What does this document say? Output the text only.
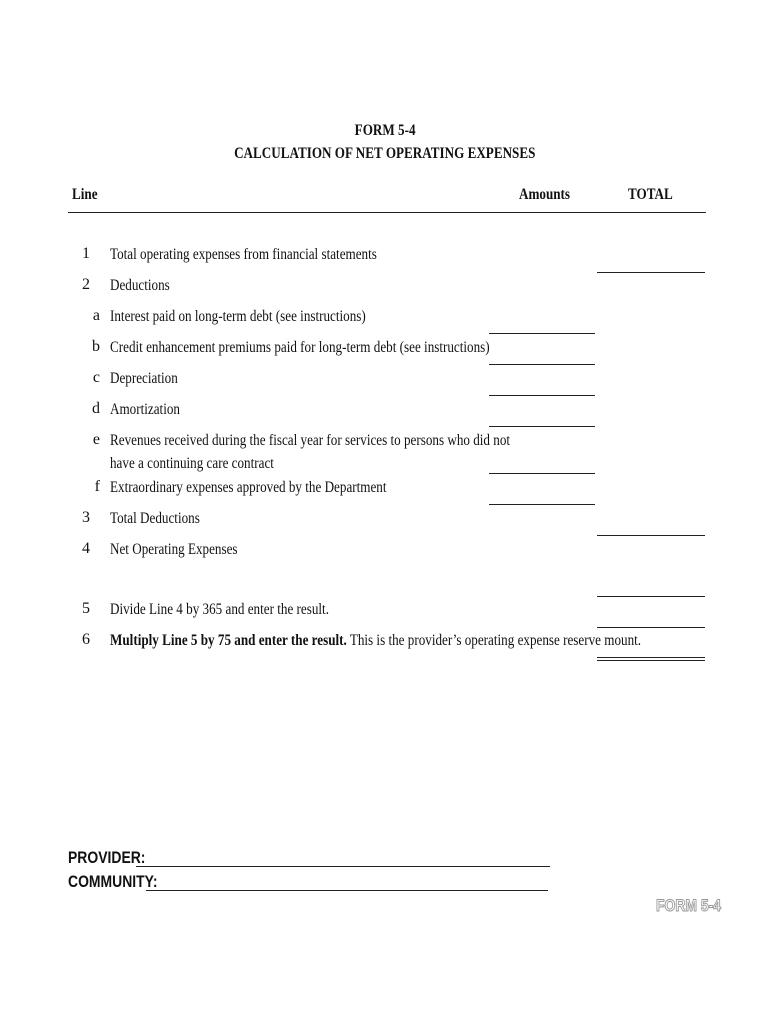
FORM 5-4
CALCULATION OF NET OPERATING EXPENSES
Line	Amounts	TOTAL
1 Total operating expenses from financial statements
2 Deductions
a Interest paid on long-term debt (see instructions)
b Credit enhancement premiums paid for long-term debt (see instructions)
c Depreciation
d Amortization
e Revenues received during the fiscal year for services to persons who did not
have a continuing care contract
f Extraordinary expenses approved by the Department
3 Total Deductions
4 Net Operating Expenses
5 Divide Line 4 by 365 and enter the result.
6 Multiply Line 5 by 75 and enter the result. This is the provider’s operating expense reserve mount.
PROVIDER:
COMMUNITY:
FORM 5-4
